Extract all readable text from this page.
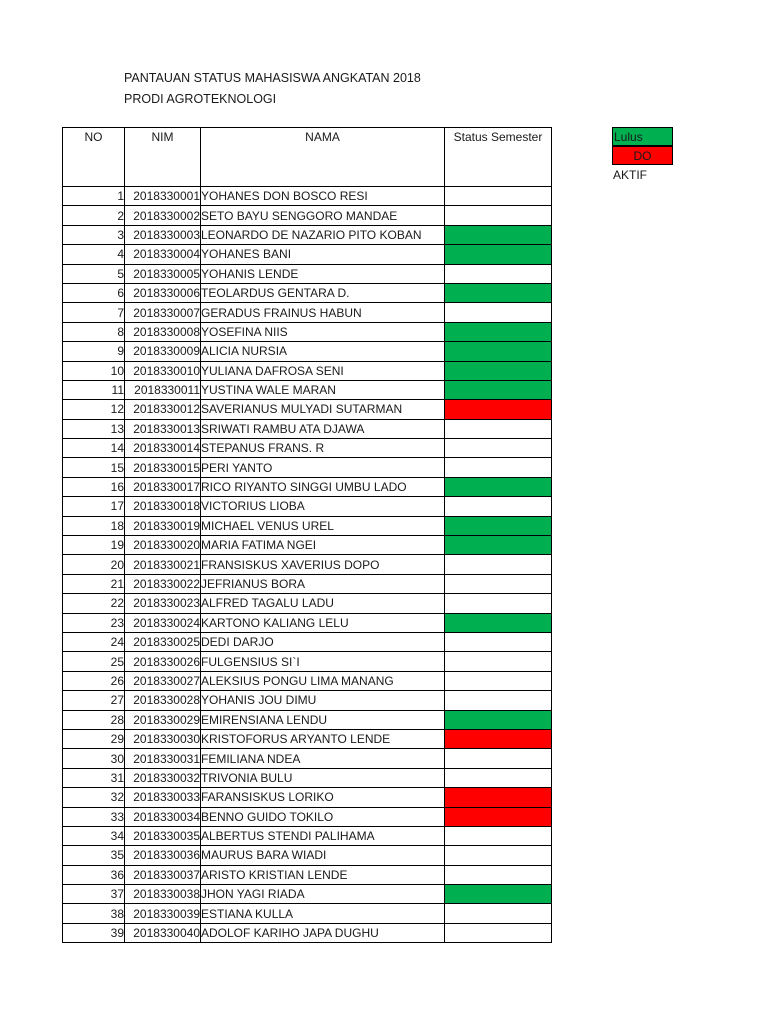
PANTAUAN STATUS MAHASISWA ANGKATAN 2018
PRODI AGROTEKNOLOGI
NO	NIM	NAMA	Status Semester
1	2018330001	YOHANES DON BOSCO RESI	
2	2018330002	SETO BAYU SENGGORO MANDAE	
3	2018330003	LEONARDO DE NAZARIO PITO KOBAN	
4	2018330004	YOHANES BANI	
5	2018330005	YOHANIS LENDE	
6	2018330006	TEOLARDUS GENTARA D.	
7	2018330007	GERADUS FRAINUS HABUN	
8	2018330008	YOSEFINA NIIS	
9	2018330009	ALICIA NURSIA	
10	2018330010	YULIANA DAFROSA SENI	
11	2018330011	YUSTINA WALE MARAN	
12	2018330012	SAVERIANUS MULYADI SUTARMAN	
13	2018330013	SRIWATI RAMBU ATA DJAWA	
14	2018330014	STEPANUS FRANS. R	
15	2018330015	PERI YANTO	
16	2018330017	RICO RIYANTO SINGGI UMBU LADO	
17	2018330018	VICTORIUS LIOBA	
18	2018330019	MICHAEL VENUS UREL	
19	2018330020	MARIA FATIMA NGEI	
20	2018330021	FRANSISKUS XAVERIUS DOPO	
21	2018330022	JEFRIANUS BORA	
22	2018330023	ALFRED TAGALU LADU	
23	2018330024	KARTONO KALIANG LELU	
24	2018330025	DEDI DARJO	
25	2018330026	FULGENSIUS SI`I	
26	2018330027	ALEKSIUS PONGU LIMA MANANG	
27	2018330028	YOHANIS JOU DIMU	
28	2018330029	EMIRENSIANA LENDU	
29	2018330030	KRISTOFORUS ARYANTO LENDE	
30	2018330031	FEMILIANA NDEA	
31	2018330032	TRIVONIA BULU	
32	2018330033	FARANSISKUS LORIKO	
33	2018330034	BENNO GUIDO TOKILO	
34	2018330035	ALBERTUS STENDI PALIHAMA	
35	2018330036	MAURUS BARA WIADI	
36	2018330037	ARISTO KRISTIAN LENDE	
37	2018330038	JHON YAGI RIADA	
38	2018330039	ESTIANA KULLA	
39	2018330040	ADOLOF KARIHO JAPA DUGHU	
Lulus
DO
AKTIF
